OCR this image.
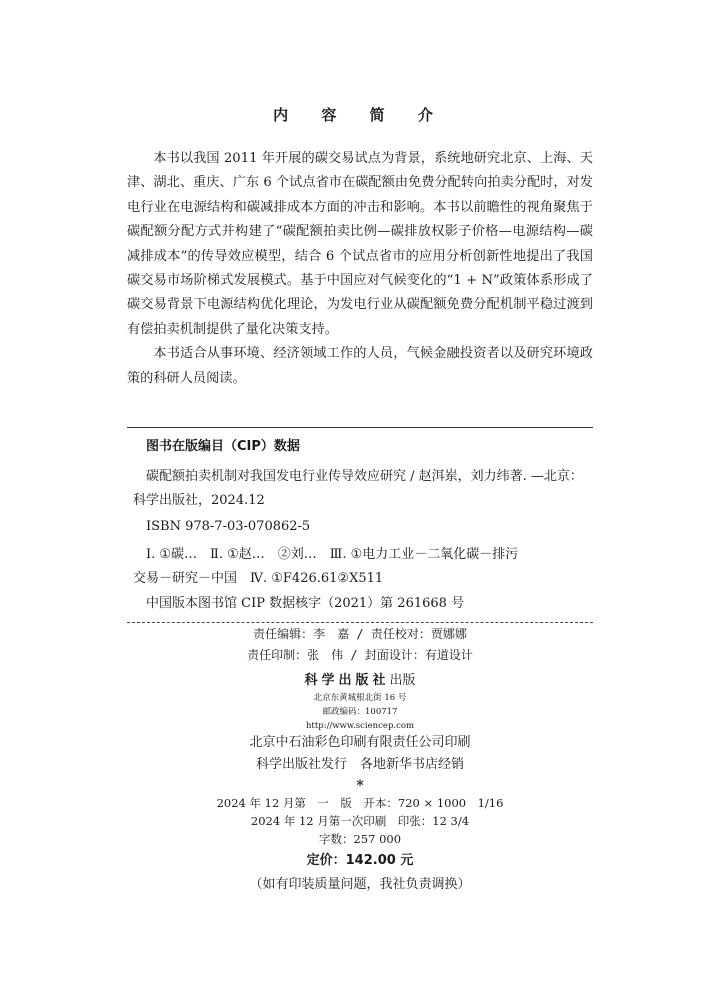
内 容 简 介

本书以我国 2011 年开展的碳交易试点为背景，系统地研究北京、上海、天津、湖北、重庆、广东 6 个试点省市在碳配额由免费分配转向拍卖分配时，对发电行业在电源结构和碳减排成本方面的冲击和影响。本书以前瞻性的视角聚焦于碳配额分配方式并构建了“碳配额拍卖比例—碳排放权影子价格—电源结构—碳减排成本”的传导效应模型，结合 6 个试点省市的应用分析创新性地提出了我国碳交易市场阶梯式发展模式。基于中国应对气候变化的“1 + N”政策体系形成了碳交易背景下电源结构优化理论，为发电行业从碳配额免费分配机制平稳过渡到有偿拍卖机制提供了量化决策支持。

本书适合从事环境、经济领域工作的人员，气候金融投资者以及研究环境政策的科研人员阅读。

图书在版编目（CIP）数据

碳配额拍卖机制对我国发电行业传导效应研究 / 赵洱岽，刘力纬著. —北京：科学出版社，2024.12

ISBN 978-7-03-070862-5

Ⅰ. ①碳…　Ⅱ. ①赵…　②刘…　Ⅲ. ①电力工业－二氧化碳－排污

交易－研究－中国　Ⅳ. ①F426.61②X511

中国版本图书馆 CIP 数据核字（2021）第 261668 号

责任编辑：李　嘉 / 责任校对：贾娜娜
责任印制：张　伟 / 封面设计：有道设计
科学出版社出版
北京东黄城根北街 16 号
邮政编码：100717
http://www.sciencep.com
北京中石油彩色印刷有限责任公司印刷
科学出版社发行　各地新华书店经销
*
2024 年 12 月第　一　版　开本：720 × 1000　1/16
2024 年 12 月第一次印刷　印张：12 3/4
字数：257 000
定价：142.00 元
（如有印装质量问题，我社负责调换）
